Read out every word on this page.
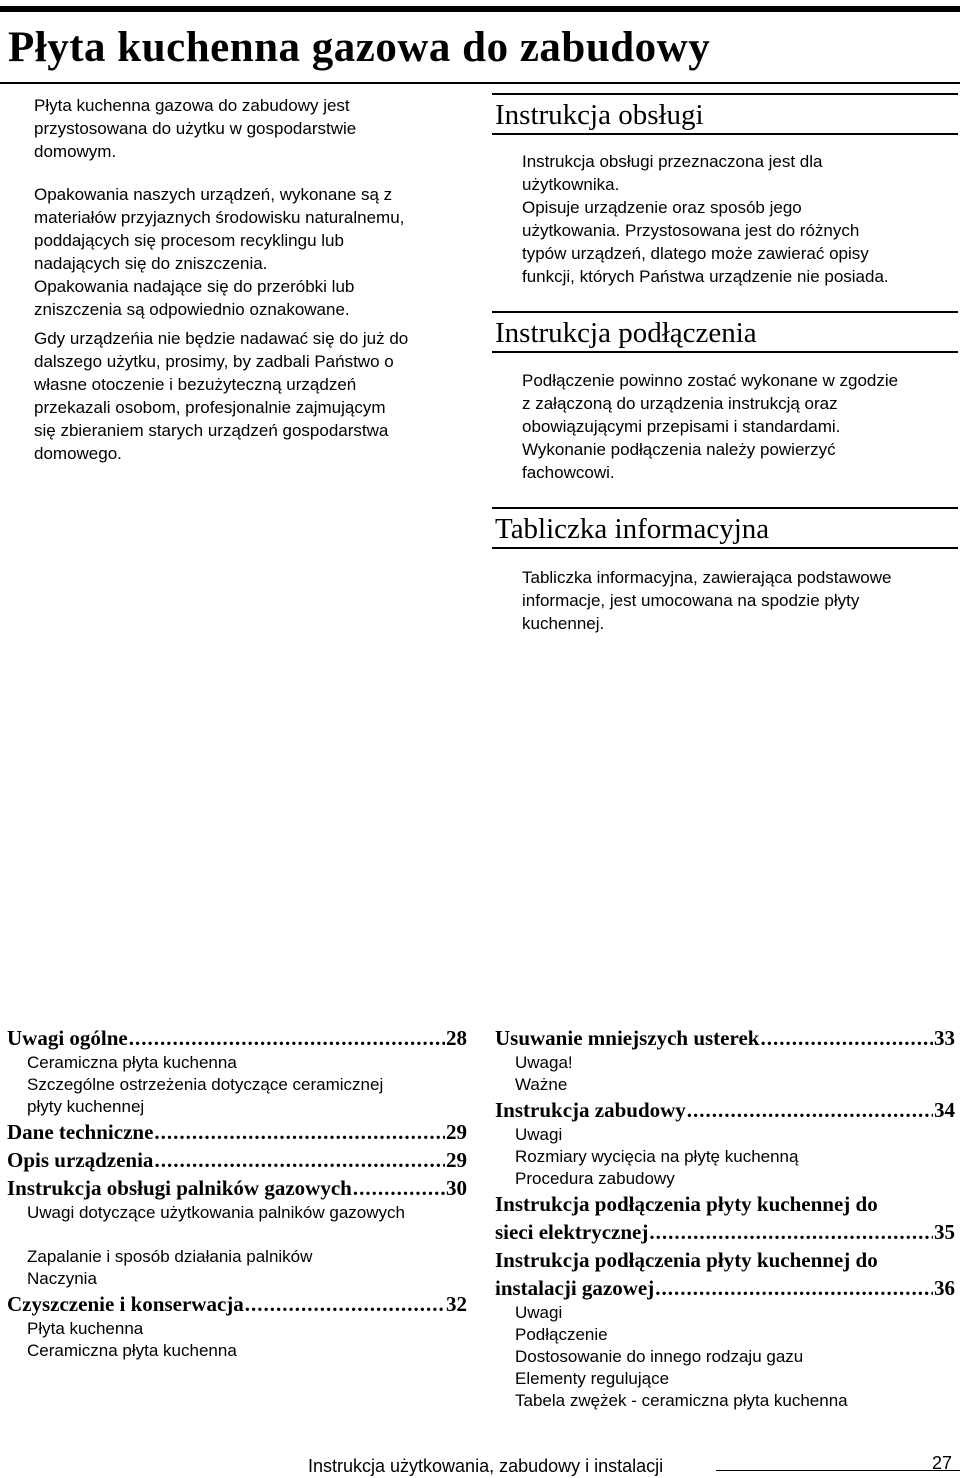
Płyta kuchenna gazowa do zabudowy

Płyta kuchenna gazowa do zabudowy jest przystosowana do użytku w gospodarstwie domowym.

Opakowania naszych urządzeń, wykonane są z

materiałów przyjaznych środowisku naturalnemu,

poddających się procesom recyklingu lub

nadających się do zniszczenia.

Opakowania nadające się do przeróbki lub

zniszczenia są odpowiednio oznakowane.

Gdy urządzeńia nie będzie nadawać się do już do

dalszego użytku, prosimy, by zadbali Państwo o

własne otoczenie i bezużyteczną urządzeń

przekazali osobom, profesjonalnie zajmującym

się zbieraniem starych urządzeń gospodarstwa

domowego.

Instrukcja obsługi

Instrukcja obsługi przeznaczona jest dla

użytkownika.

Opisuje urządzenie oraz sposób jego

użytkowania. Przystosowana jest do różnych

typów urządzeń, dlatego może zawierać opisy

funkcji, których Państwa urządzenie nie posiada.

Instrukcja podłączenia

Podłączenie powinno zostać wykonane w zgodzie

z załączoną do urządzenia instrukcją oraz

obowiązującymi przepisami i standardami.

Wykonanie podłączenia należy powierzyć

fachowcowi.

Tabliczka informacyjna

Tabliczka informacyjna, zawierająca podstawowe

informacje, jest umocowana na spodzie płyty

kuchennej.

Uwagi ogólne .....	28

Ceramiczna płyta kuchenna

Szczególne ostrzeżenia dotyczące ceramicznej

płyty kuchennej

Dane techniczne .....	29
Opis urządzenia .....	29
Instrukcja obsługi palników gazowych .....	30

Uwagi dotyczące użytkowania palników gazowych

Zapalanie i sposób działania palników

Naczynia

Czyszczenie i konserwacja .....	32

Płyta kuchenna

Ceramiczna płyta kuchenna

Usuwanie mniejszych usterek .....	33

Uwaga!

Ważne

Instrukcja zabudowy .....	34

Uwagi

Rozmiary wycięcia na płytę kuchenną

Procedura zabudowy

Instrukcja podłączenia płyty kuchennej do

sieci elektrycznej .....	35

Instrukcja podłączenia płyty kuchennej do

instalacji gazowej .....	36

Uwagi

Podłączenie

Dostosowanie do innego rodzaju gazu

Elementy regulujące

Tabela zwężek - ceramiczna płyta kuchenna

Instrukcja użytkowania, zabudowy i instalacji	27
